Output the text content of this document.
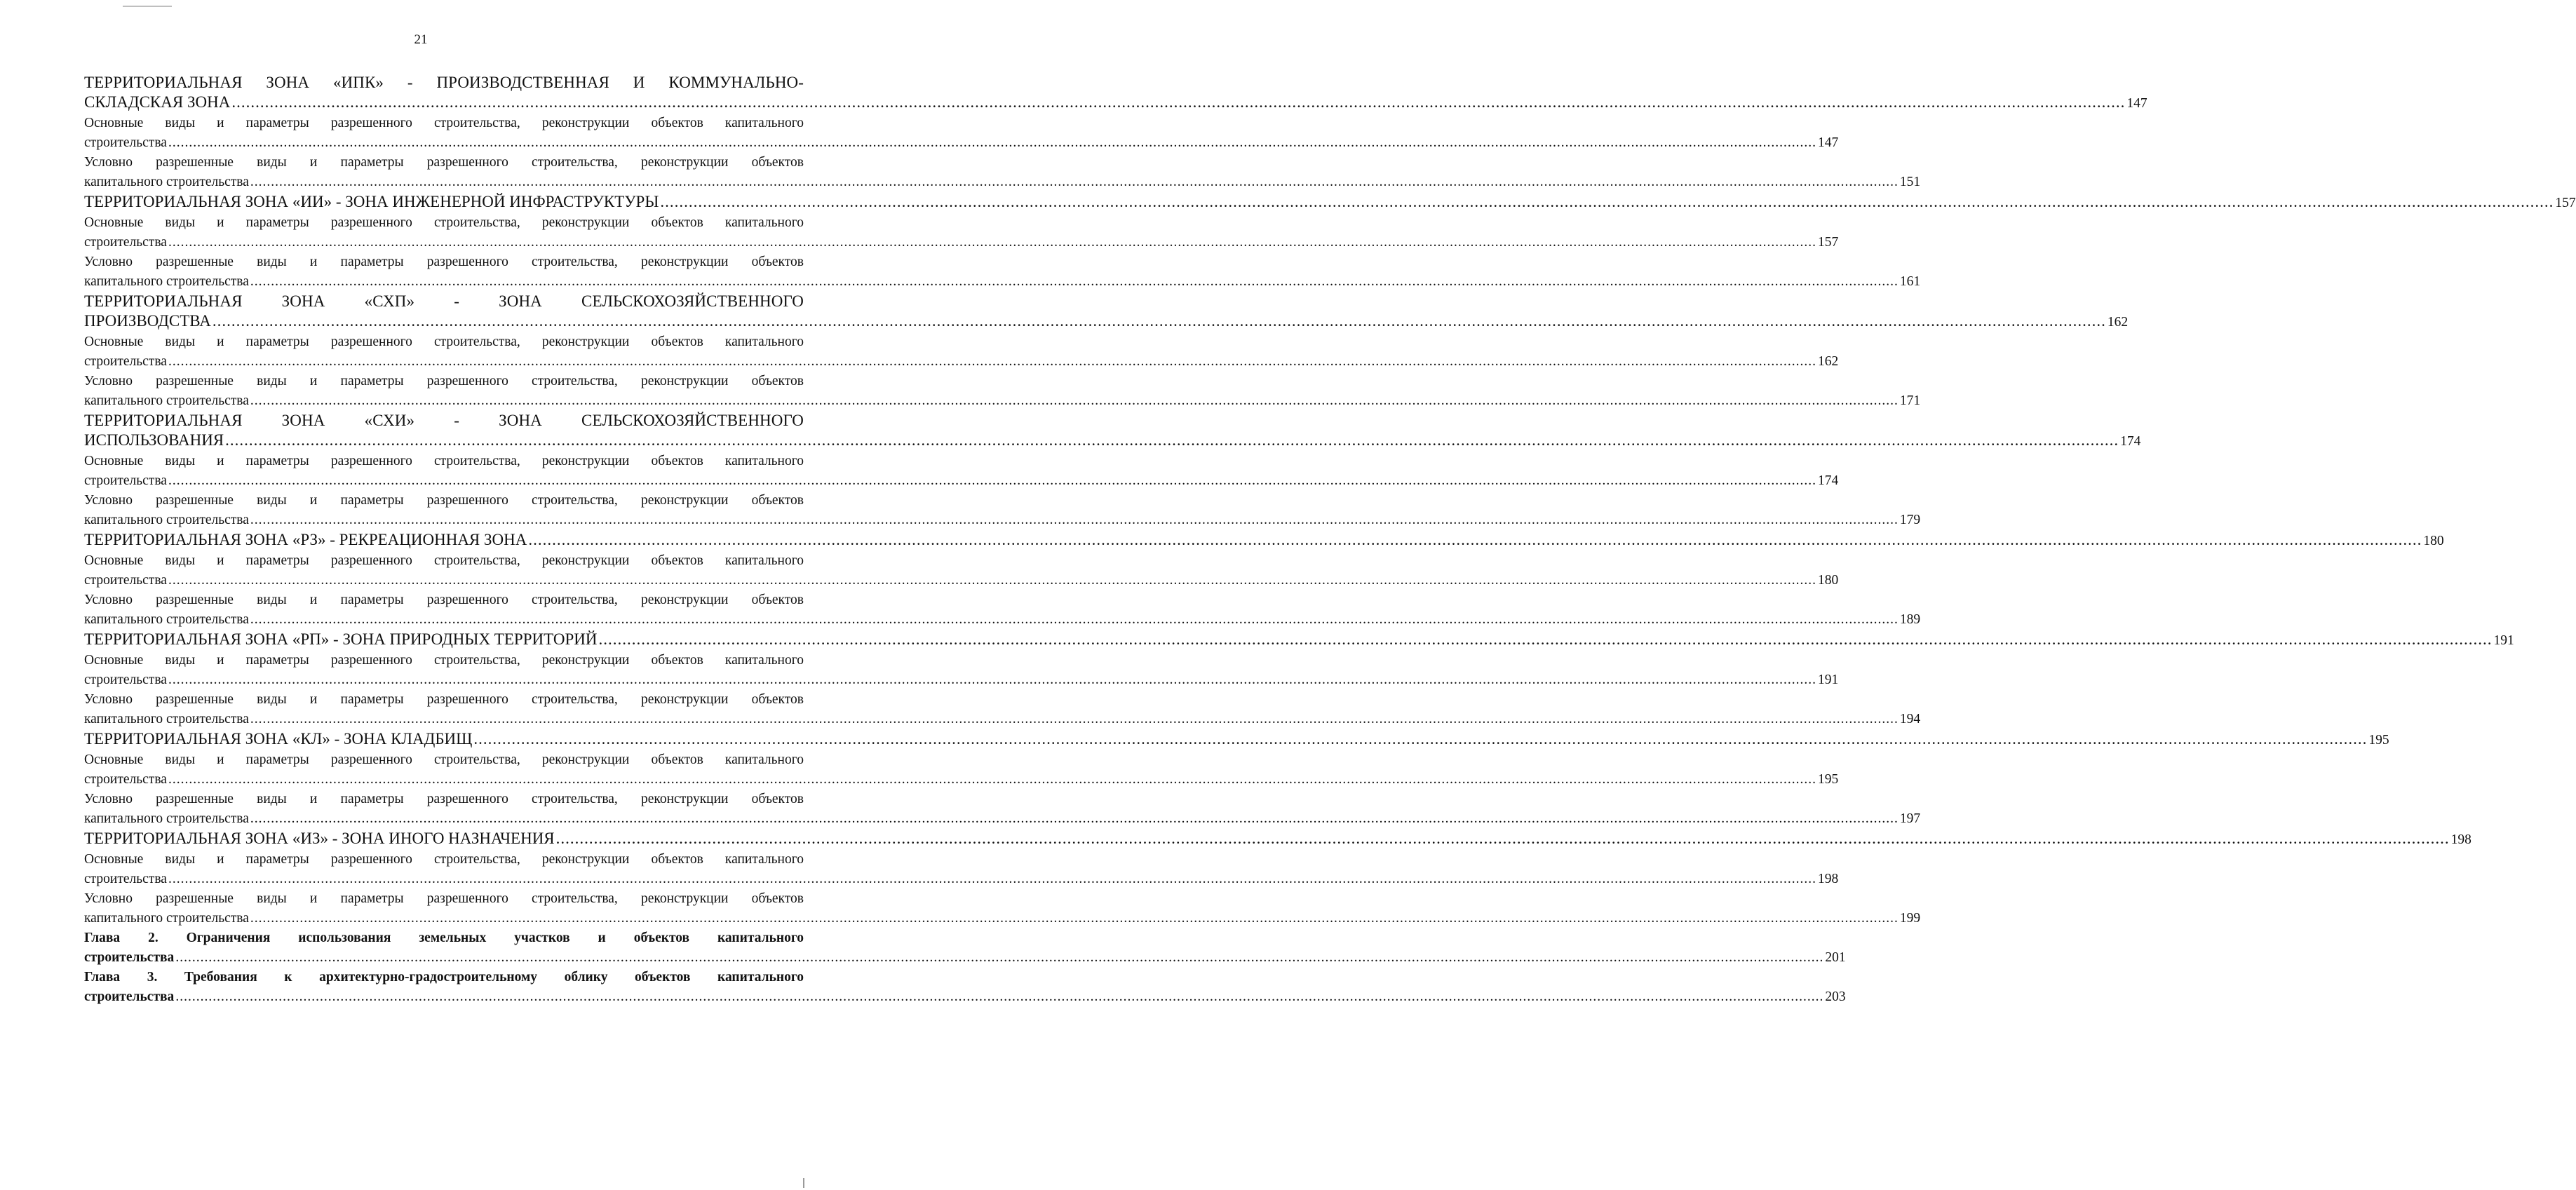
21
ТЕРРИТОРИАЛЬНАЯ ЗОНА «ИПК» - ПРОИЗВОДСТВЕННАЯ И КОММУНАЛЬНО-
СКЛАДСКАЯ ЗОНА ................................................................................................................................................................................................................................................................................................................................................................................................................ 147
Основные виды и параметры разрешенного строительства, реконструкции объектов капитального
строительства ................................................................................................................................................................................................................................................................................................................................................................................................................ 147
Условно разрешенные виды и параметры разрешенного строительства, реконструкции объектов
капитального строительства ................................................................................................................................................................................................................................................................................................................................................................................................................ 151
ТЕРРИТОРИАЛЬНАЯ ЗОНА «ИИ» - ЗОНА ИНЖЕНЕРНОЙ ИНФРАСТРУКТУРЫ ................................................................................................................................................................................................................................................................................................................................................................................................................ 157
Основные виды и параметры разрешенного строительства, реконструкции объектов капитального
строительства ................................................................................................................................................................................................................................................................................................................................................................................................................ 157
Условно разрешенные виды и параметры разрешенного строительства, реконструкции объектов
капитального строительства ................................................................................................................................................................................................................................................................................................................................................................................................................ 161
ТЕРРИТОРИАЛЬНАЯ ЗОНА «СХП» - ЗОНА СЕЛЬСКОХОЗЯЙСТВЕННОГО
ПРОИЗВОДСТВА ................................................................................................................................................................................................................................................................................................................................................................................................................ 162
Основные виды и параметры разрешенного строительства, реконструкции объектов капитального
строительства ................................................................................................................................................................................................................................................................................................................................................................................................................ 162
Условно разрешенные виды и параметры разрешенного строительства, реконструкции объектов
капитального строительства ................................................................................................................................................................................................................................................................................................................................................................................................................ 171
ТЕРРИТОРИАЛЬНАЯ ЗОНА «СХИ» - ЗОНА СЕЛЬСКОХОЗЯЙСТВЕННОГО
ИСПОЛЬЗОВАНИЯ ................................................................................................................................................................................................................................................................................................................................................................................................................ 174
Основные виды и параметры разрешенного строительства, реконструкции объектов капитального
строительства ................................................................................................................................................................................................................................................................................................................................................................................................................ 174
Условно разрешенные виды и параметры разрешенного строительства, реконструкции объектов
капитального строительства ................................................................................................................................................................................................................................................................................................................................................................................................................ 179
ТЕРРИТОРИАЛЬНАЯ ЗОНА «РЗ» - РЕКРЕАЦИОННАЯ ЗОНА ................................................................................................................................................................................................................................................................................................................................................................................................................ 180
Основные виды и параметры разрешенного строительства, реконструкции объектов капитального
строительства ................................................................................................................................................................................................................................................................................................................................................................................................................ 180
Условно разрешенные виды и параметры разрешенного строительства, реконструкции объектов
капитального строительства ................................................................................................................................................................................................................................................................................................................................................................................................................ 189
ТЕРРИТОРИАЛЬНАЯ ЗОНА «РП» - ЗОНА ПРИРОДНЫХ ТЕРРИТОРИЙ ................................................................................................................................................................................................................................................................................................................................................................................................................ 191
Основные виды и параметры разрешенного строительства, реконструкции объектов капитального
строительства ................................................................................................................................................................................................................................................................................................................................................................................................................ 191
Условно разрешенные виды и параметры разрешенного строительства, реконструкции объектов
капитального строительства ................................................................................................................................................................................................................................................................................................................................................................................................................ 194
ТЕРРИТОРИАЛЬНАЯ ЗОНА «КЛ» - ЗОНА КЛАДБИЩ ................................................................................................................................................................................................................................................................................................................................................................................................................ 195
Основные виды и параметры разрешенного строительства, реконструкции объектов капитального
строительства ................................................................................................................................................................................................................................................................................................................................................................................................................ 195
Условно разрешенные виды и параметры разрешенного строительства, реконструкции объектов
капитального строительства ................................................................................................................................................................................................................................................................................................................................................................................................................ 197
ТЕРРИТОРИАЛЬНАЯ ЗОНА «ИЗ» - ЗОНА ИНОГО НАЗНАЧЕНИЯ ................................................................................................................................................................................................................................................................................................................................................................................................................ 198
Основные виды и параметры разрешенного строительства, реконструкции объектов капитального
строительства ................................................................................................................................................................................................................................................................................................................................................................................................................ 198
Условно разрешенные виды и параметры разрешенного строительства, реконструкции объектов
капитального строительства ................................................................................................................................................................................................................................................................................................................................................................................................................ 199
Глава 2. Ограничения использования земельных участков и объектов капитального
строительства ................................................................................................................................................................................................................................................................................................................................................................................................................ 201
Глава 3. Требования к архитектурно-градостроительному облику объектов капитального
строительства ................................................................................................................................................................................................................................................................................................................................................................................................................ 203
